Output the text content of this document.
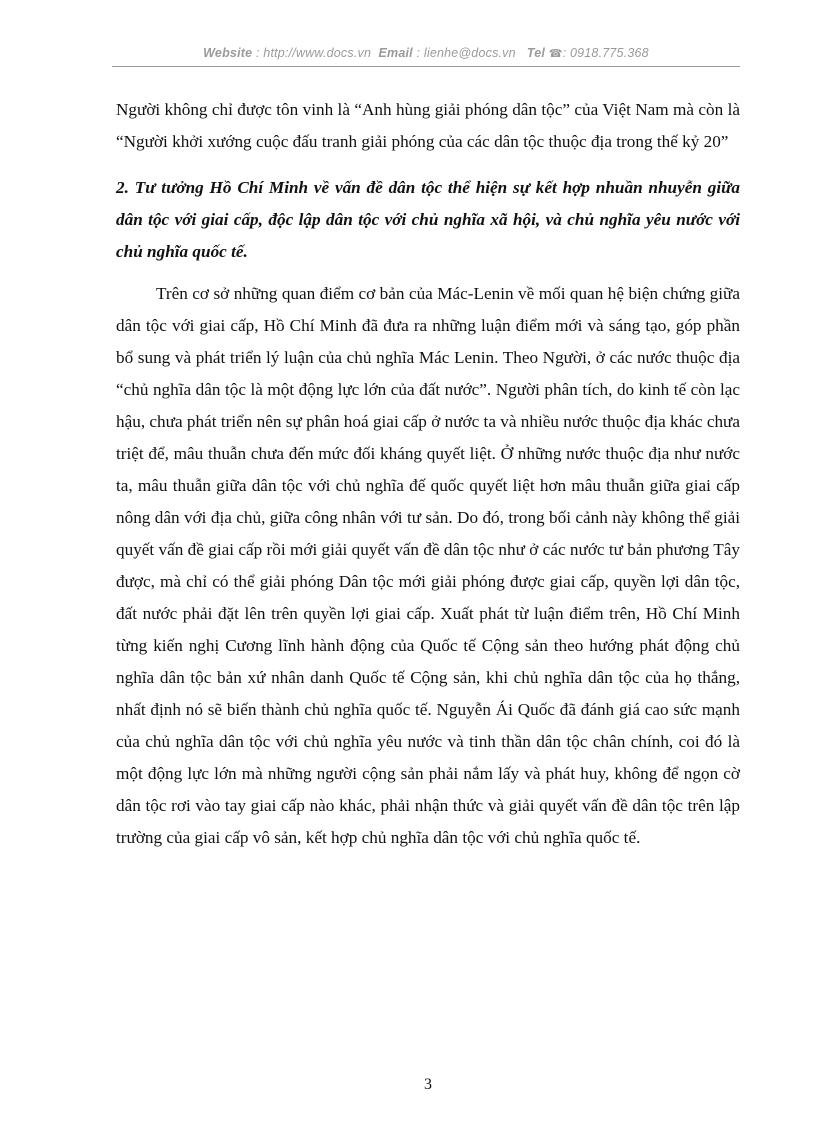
Website : http://www.docs.vn Email : lienhe@docs.vn Tel ☎: 0918.775.368

Người không chỉ được tôn vinh là “Anh hùng giải phóng dân tộc” của Việt Nam mà còn là “Người khởi xướng cuộc đấu tranh giải phóng của các dân tộc thuộc địa trong thế kỷ 20”

2. Tư tưởng Hồ Chí Minh về vấn đề dân tộc thể hiện sự kết hợp nhuần nhuyễn giữa dân tộc với giai cấp, độc lập dân tộc với chủ nghĩa xã hội, và chủ nghĩa yêu nước với chủ nghĩa quốc tế.

Trên cơ sở những quan điểm cơ bản của Mác-Lenin về mối quan hệ biện chứng giữa dân tộc với giai cấp, Hồ Chí Minh đã đưa ra những luận điểm mới và sáng tạo, góp phần bổ sung và phát triển lý luận của chủ nghĩa Mác Lenin. Theo Người, ở các nước thuộc địa “chủ nghĩa dân tộc là một động lực lớn của đất nước”. Người phân tích, do kinh tế còn lạc hậu, chưa phát triển nên sự phân hoá giai cấp ở nước ta và nhiều nước thuộc địa khác chưa triệt để, mâu thuẫn chưa đến mức đối kháng quyết liệt. Ở những nước thuộc địa như nước ta, mâu thuẫn giữa dân tộc với chủ nghĩa đế quốc quyết liệt hơn mâu thuẫn giữa giai cấp nông dân với địa chủ, giữa công nhân với tư sản. Do đó, trong bối cảnh này không thể giải quyết vấn đề giai cấp rồi mới giải quyết vấn đề dân tộc như ở các nước tư bản phương Tây được, mà chỉ có thể giải phóng Dân tộc mới giải phóng được giai cấp, quyền lợi dân tộc, đất nước phải đặt lên trên quyền lợi giai cấp. Xuất phát từ luận điểm trên, Hồ Chí Minh từng kiến nghị Cương lĩnh hành động của Quốc tế Cộng sản theo hướng phát động chủ nghĩa dân tộc bản xứ nhân danh Quốc tế Cộng sản, khi chủ nghĩa dân tộc của họ thắng, nhất định nó sẽ biến thành chủ nghĩa quốc tế. Nguyễn Ái Quốc đã đánh giá cao sức mạnh của chủ nghĩa dân tộc với chủ nghĩa yêu nước và tinh thần dân tộc chân chính, coi đó là một động lực lớn mà những người cộng sản phải nắm lấy và phát huy, không để ngọn cờ dân tộc rơi vào tay giai cấp nào khác, phải nhận thức và giải quyết vấn đề dân tộc trên lập trường của giai cấp vô sản, kết hợp chủ nghĩa dân tộc với chủ nghĩa quốc tế.

3
